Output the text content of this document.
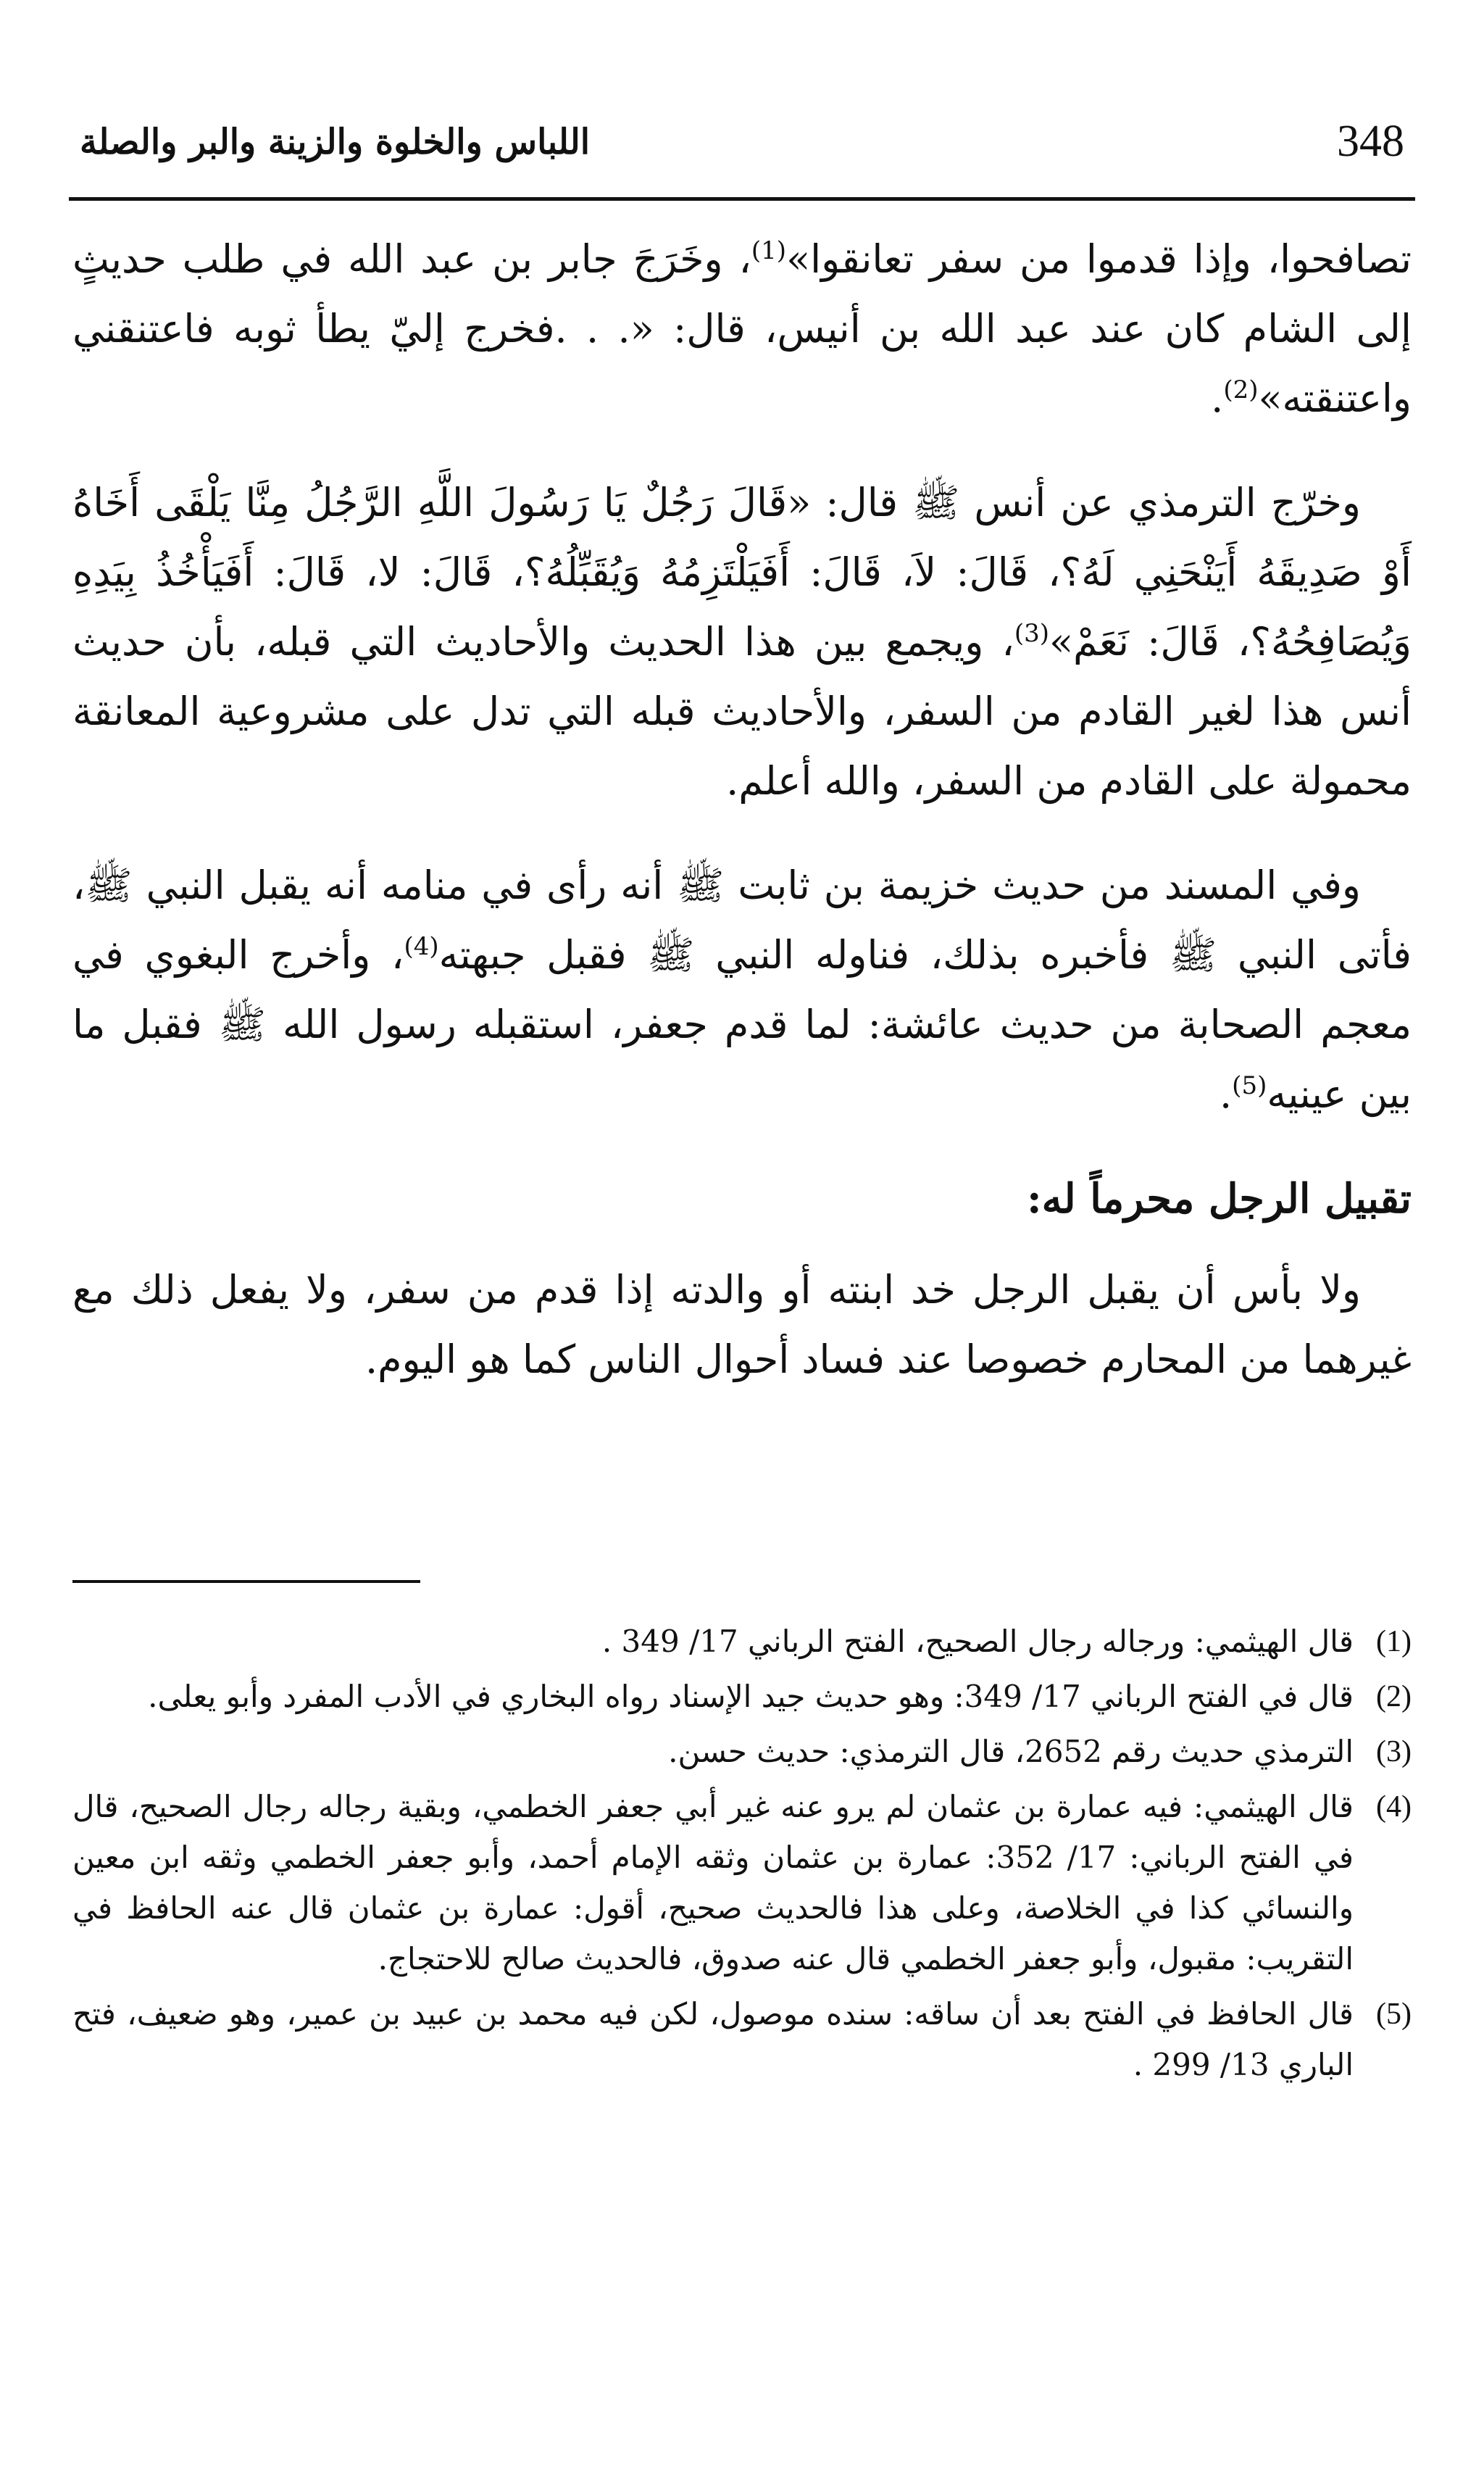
348
اللباس والخلوة والزينة والبر والصلة

تصافحوا، وإذا قدموا من سفر تعانقوا»$^{(1)}$، وخَرَجَ جابر بن عبد الله في طلب حديثٍ إلى الشام كان عند عبد الله بن أنيس، قال: «. . .فخرج إليّ يطأ ثوبه فاعتنقني واعتنقته»$^{(2)}$.

وخرّج الترمذي عن أنس ﷺ قال: «قَالَ رَجُلٌ يَا رَسُولَ اللَّهِ الرَّجُلُ مِنَّا يَلْقَى أَخَاهُ أَوْ صَدِيقَهُ أَيَنْحَنِي لَهُ؟، قَالَ: لاَ، قَالَ: أَفَيَلْتَزِمُهُ وَيُقَبِّلُهُ؟، قَالَ: لا، قَالَ: أَفَيَأْخُذُ بِيَدِهِ وَيُصَافِحُهُ؟، قَالَ: نَعَمْ»$^{(3)}$، ويجمع بين هذا الحديث والأحاديث التي قبله، بأن حديث أنس هذا لغير القادم من السفر، والأحاديث قبله التي تدل على مشروعية المعانقة محمولة على القادم من السفر، والله أعلم.

وفي المسند من حديث خزيمة بن ثابت ﷺ أنه رأى في منامه أنه يقبل النبي ﷺ، فأتى النبي ﷺ فأخبره بذلك، فناوله النبي ﷺ فقبل جبهته$^{(4)}$، وأخرج البغوي في معجم الصحابة من حديث عائشة: لما قدم جعفر، استقبله رسول الله ﷺ فقبل ما بين عينيه$^{(5)}$.

تقبيل الرجل محرماً له:

ولا بأس أن يقبل الرجل خد ابنته أو والدته إذا قدم من سفر، ولا يفعل ذلك مع غيرهما من المحارم خصوصا عند فساد أحوال الناس كما هو اليوم.

(1)
قال الهيثمي: ورجاله رجال الصحيح، الفتح الرباني 17/ 349 .
(2)
قال في الفتح الرباني 17/ 349: وهو حديث جيد الإسناد رواه البخاري في الأدب المفرد وأبو يعلى.
(3)
الترمذي حديث رقم 2652، قال الترمذي: حديث حسن.
(4)
قال الهيثمي: فيه عمارة بن عثمان لم يرو عنه غير أبي جعفر الخطمي، وبقية رجاله رجال الصحيح، قال في الفتح الرباني: 17/ 352: عمارة بن عثمان وثقه الإمام أحمد، وأبو جعفر الخطمي وثقه ابن معين والنسائي كذا في الخلاصة، وعلى هذا فالحديث صحيح، أقول: عمارة بن عثمان قال عنه الحافظ في التقريب: مقبول، وأبو جعفر الخطمي قال عنه صدوق، فالحديث صالح للاحتجاج.
(5)
قال الحافظ في الفتح بعد أن ساقه: سنده موصول، لكن فيه محمد بن عبيد بن عمير، وهو ضعيف، فتح الباري 13/ 299 .
